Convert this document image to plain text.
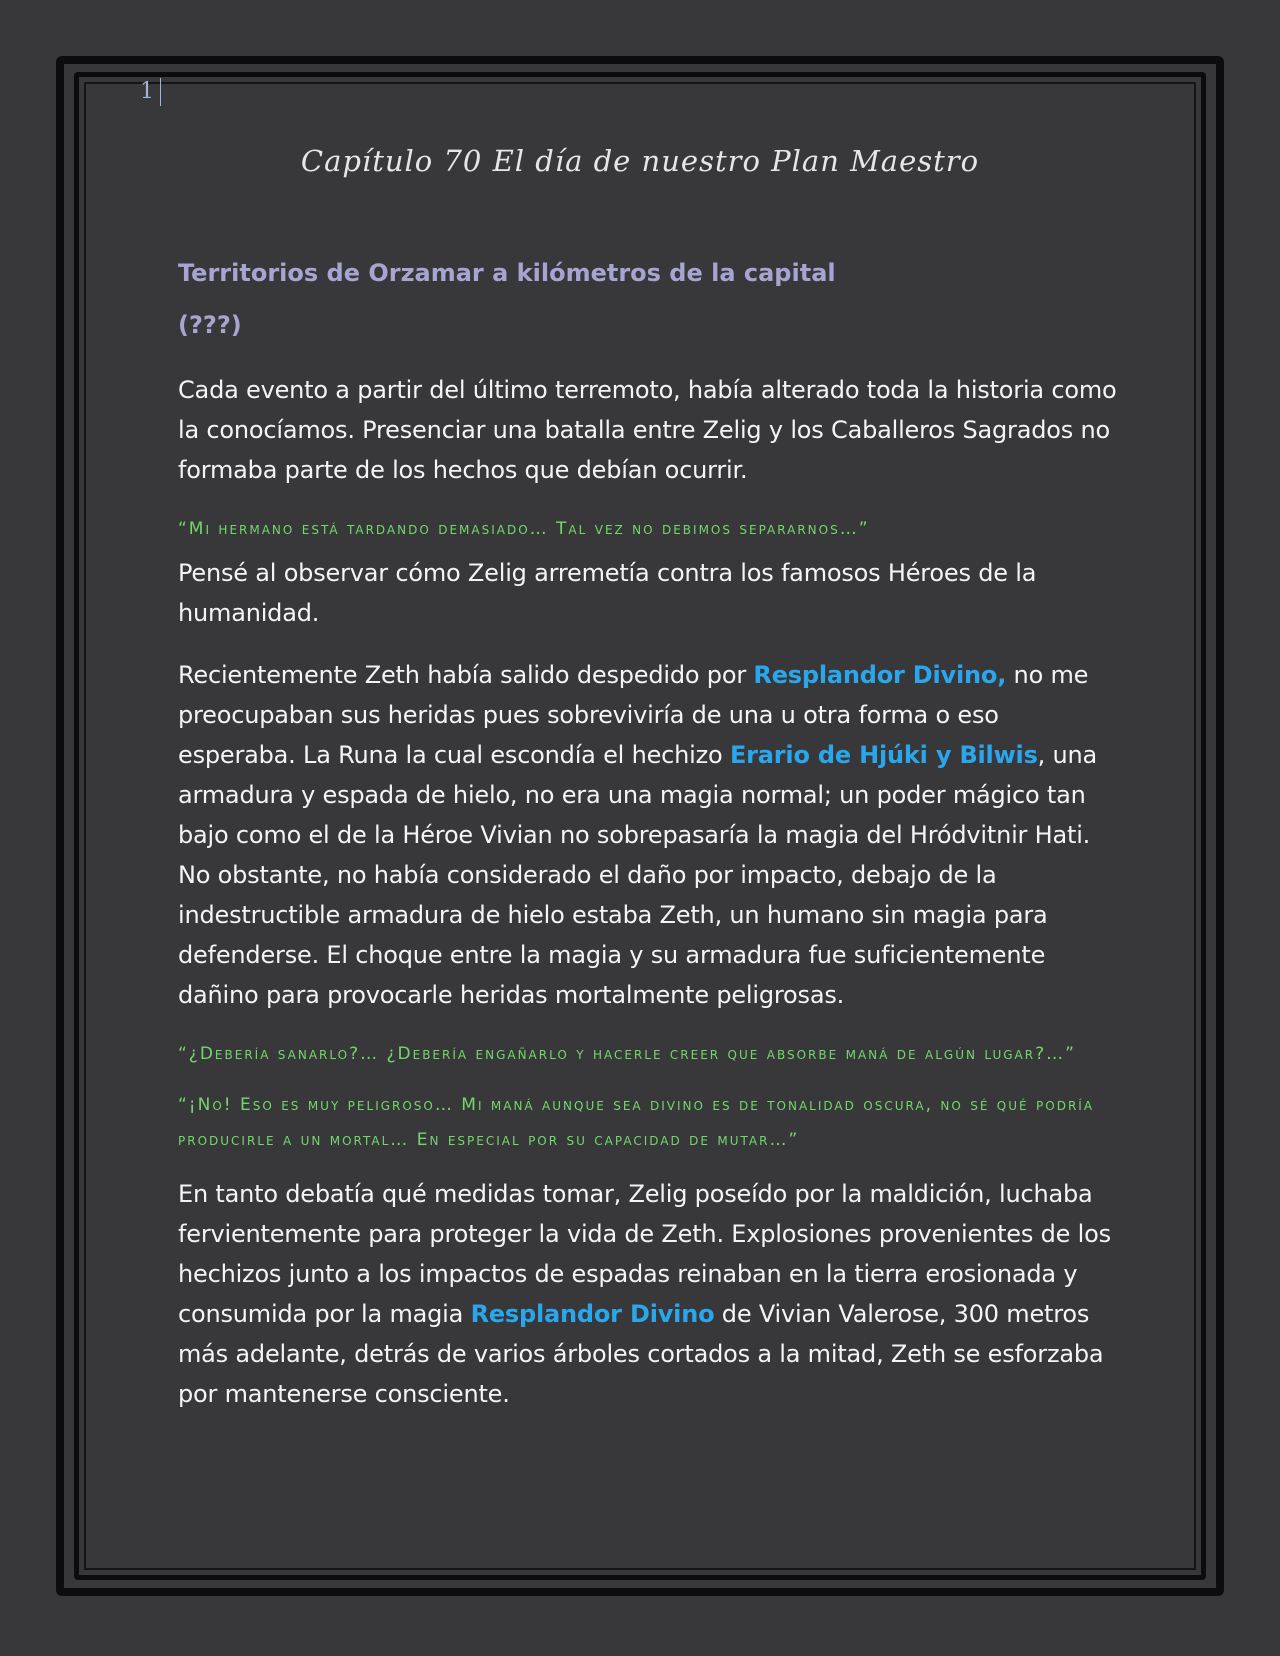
1
Capítulo 70 El día de nuestro Plan Maestro

Territorios de Orzamar a kilómetros de la capital

(???)

Cada evento a partir del último terremoto, había alterado toda la historia como la conocíamos. Presenciar una batalla entre Zelig y los Caballeros Sagrados no formaba parte de los hechos que debían ocurrir.

“Mi hermano está tardando demasiado… Tal vez no debimos separarnos…”

Pensé al observar cómo Zelig arremetía contra los famosos Héroes de la humanidad.

Recientemente Zeth había salido despedido por Resplandor Divino, no me preocupaban sus heridas pues sobreviviría de una u otra forma o eso esperaba. La Runa la cual escondía el hechizo Erario de Hjúki y Bilwis, una armadura y espada de hielo, no era una magia normal; un poder mágico tan bajo como el de la Héroe Vivian no sobrepasaría la magia del Hródvitnir Hati. No obstante, no había considerado el daño por impacto, debajo de la indestructible armadura de hielo estaba Zeth, un humano sin magia para defenderse. El choque entre la magia y su armadura fue suficientemente dañino para provocarle heridas mortalmente peligrosas.

“¿Debería sanarlo?… ¿Debería engañarlo y hacerle creer que absorbe maná de algún lugar?…”

“¡No! Eso es muy peligroso… Mi maná aunque sea divino es de tonalidad oscura, no sé qué podría producirle a un mortal… En especial por su capacidad de mutar…”

En tanto debatía qué medidas tomar, Zelig poseído por la maldición, luchaba fervientemente para proteger la vida de Zeth. Explosiones provenientes de los hechizos junto a los impactos de espadas reinaban en la tierra erosionada y consumida por la magia Resplandor Divino de Vivian Valerose, 300 metros más adelante, detrás de varios árboles cortados a la mitad, Zeth se esforzaba por mantenerse consciente.
